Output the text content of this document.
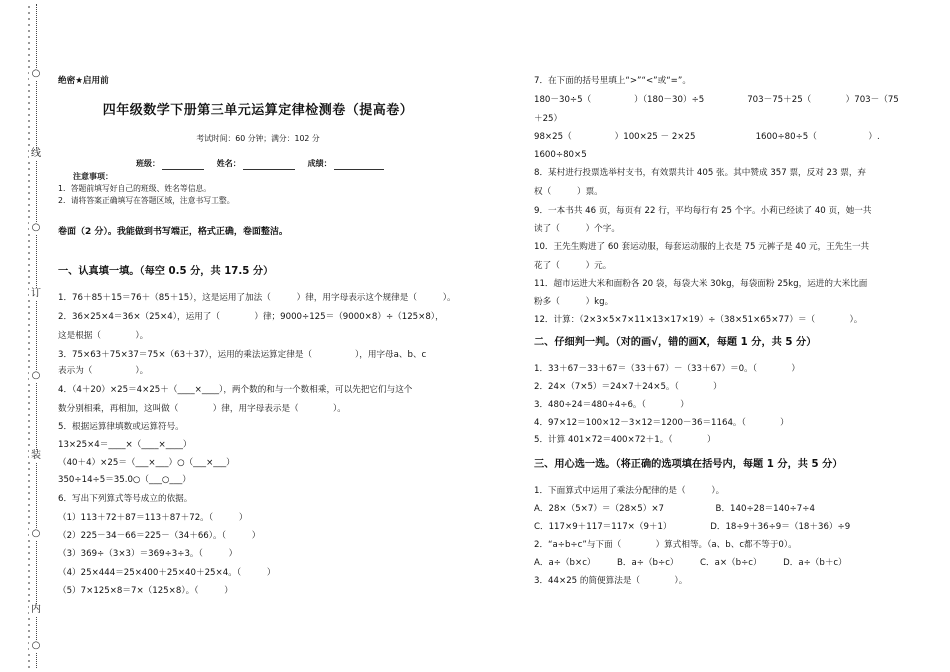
线
订
装
内
○
○
○
○
○
绝密★启用前
四年级数学下册第三单元运算定律检测卷（提高卷）
考试时间：60 分钟；满分：102 分
班级：	姓名：	成绩：
注意事项：
1．答题前填写好自己的班级、姓名等信息。
2．请将答案正确填写在答题区域，注意书写工整。
卷面（2 分）。我能做到书写端正，格式正确，卷面整洁。
一、认真填一填。（每空 0.5 分，共 17.5 分）
1．76＋85＋15＝76＋（85＋15），这是运用了加法（　　　）律，用字母表示这个规律是（　　　）。
2．36×25×4＝36×（25×4），运用了（　　　　）律；9000÷125＝（9000×8）÷（125×8），
这是根据（　　　　）。
3．75×63＋75×37＝75×（63＋37），运用的乘法运算定律是（　　　　　），用字母a、b、c
表示为（　　　　　）。
4．（4＋20）×25＝4×25＋（____×____），两个数的和与一个数相乘，可以先把它们与这个
数分别相乘，再相加，这叫做（　　　　）律，用字母表示是（　　　　）。
5．根据运算律填数或运算符号。
13×25×4＝____×（____×____）
（40＋4）×25＝（___×___）○（___×___）
350÷14÷5＝35.0○（___○___）
6．写出下列算式等号成立的依据。
（1）113＋72＋87＝113＋87＋72。（　　　）
（2）225－34－66＝225－（34＋66）。（　　　）
（3）369÷（3×3）＝369÷3÷3。（　　　）
（4）25×444＝25×400＋25×40＋25×4。（　　　）
（5）7×125×8＝7×（125×8）。（　　　）
7．在下面的括号里填上“>”“<”或“=”。
180－30÷5（　　　　　）（180－30）÷5　　　　　703－75＋25（　　　　）703－（75
＋25）
98×25（　　　　　）100×25 － 2×25　　　　　　　1600÷80÷5（　　　　　　）.
1600÷80×5
8．某村进行投票选举村支书，有效票共计 405 张。其中赞成 357 票，反对 23 票，弃
权（　　　）票。
9．一本书共 46 页，每页有 22 行，平均每行有 25 个字。小莉已经读了 40 页，她一共
读了（　　　）个字。
10．王先生购进了 60 套运动服，每套运动服的上衣是 75 元裤子是 40 元，王先生一共
花了（　　　）元。
11．超市运进大米和面粉各 20 袋，每袋大米 30kg，每袋面粉 25kg，运进的大米比面
粉多（　　　）kg。
12．计算：（2×3×5×7×11×13×17×19）÷（38×51×65×77）＝（　　　　）。
二、仔细判一判。（对的画√，错的画X，每题 1 分，共 5 分）
1．33＋67－33＋67＝（33＋67）－（33＋67）＝0。（　　　　）
2．24×（7×5）＝24×7＋24×5。（　　　　）
3．480÷24＝480÷4÷6。（　　　　）
4．97×12＝100×12－3×12＝1200－36＝1164。（　　　　）
5．计算 401×72＝400×72＋1。（　　　　）
三、用心选一选。（将正确的选项填在括号内，每题 1 分，共 5 分）
1．下面算式中运用了乘法分配律的是（　　　）。
A．28×（5×7）＝（28×5）×7　　　　　　B．140÷28＝140÷7÷4
C．117×9＋117＝117×（9＋1）　　　　　D．18÷9＋36÷9＝（18＋36）÷9
2．“a÷b÷c”与下面（　　　　）算式相等。（a、b、c都不等于0）。
A．a÷（b×c）　　　B．a÷（b÷c）　　　C．a×（b÷c）　　　D．a÷（b＋c）
3．44×25 的简便算法是（　　　　）。
